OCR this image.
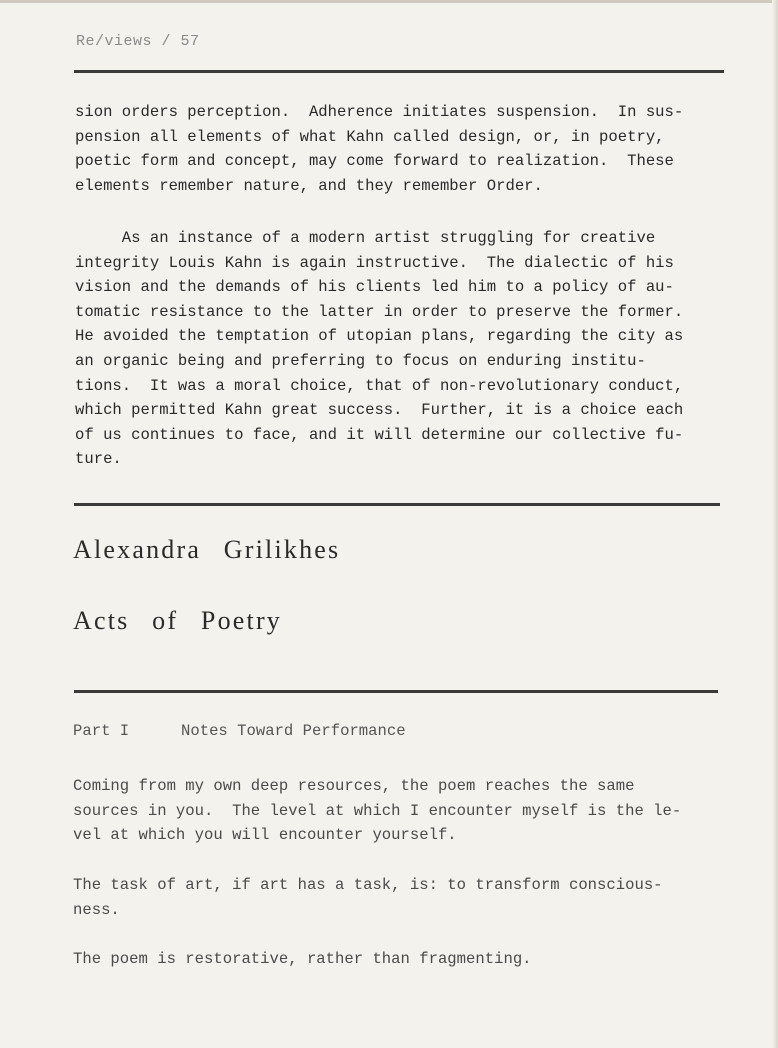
Re/views / 57

sion orders perception.  Adherence initiates suspension.  In sus-
pension all elements of what Kahn called design, or, in poetry,
poetic form and concept, may come forward to realization.  These
elements remember nature, and they remember Order.

As an instance of a modern artist struggling for creative
integrity Louis Kahn is again instructive.  The dialectic of his
vision and the demands of his clients led him to a policy of au-
tomatic resistance to the latter in order to preserve the former.
He avoided the temptation of utopian plans, regarding the city as
an organic being and preferring to focus on enduring institu-
tions.  It was a moral choice, that of non-revolutionary conduct,
which permitted Kahn great success.  Further, it is a choice each
of us continues to face, and it will determine our collective fu-
ture.

Alexandra Grilikhes
Acts of Poetry
Part I	Notes Toward Performance

Coming from my own deep resources, the poem reaches the same
sources in you.  The level at which I encounter myself is the le-
vel at which you will encounter yourself.

The task of art, if art has a task, is: to transform conscious-
ness.

The poem is restorative, rather than fragmenting.
